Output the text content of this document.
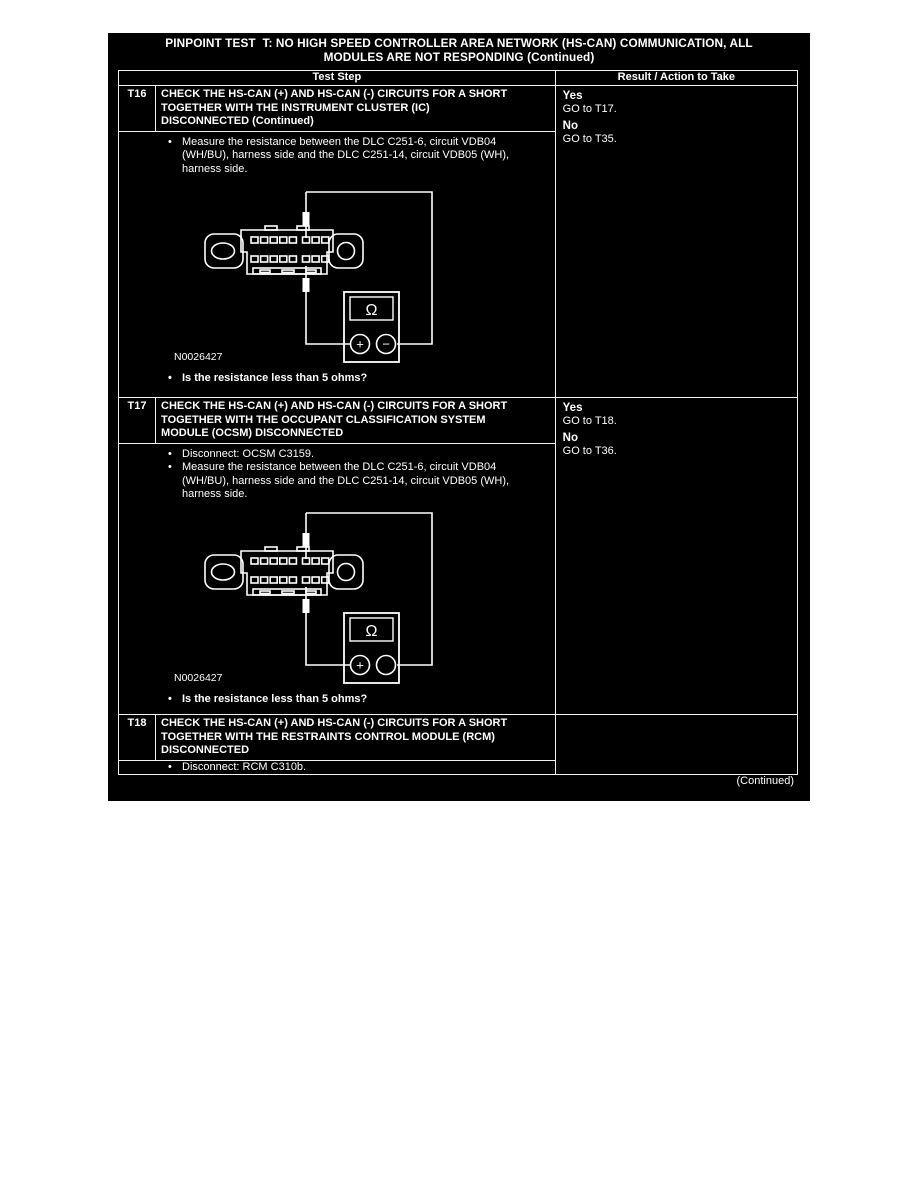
PINPOINT TEST  T: NO HIGH SPEED CONTROLLER AREA NETWORK (HS-CAN) COMMUNICATION, ALL
MODULES ARE NOT RESPONDING (Continued)
Test Step		Result / Action to Take
T16	CHECK THE HS-CAN (+) AND HS-CAN (-) CIRCUITS FOR A SHORT TOGETHER WITH THE INSTRUMENT CLUSTER (IC) DISCONNECTED (Continued)	Yes
GO to T17.
No
GO to T35.

• Measure the resistance between the DLC C251-6, circuit VDB04 (WH/BU), harness side and the DLC C251-14, circuit VDB05 (WH), harness side.
Ω
+ −
N0026427
• Is the resistance less than 5 ohms?

T17	CHECK THE HS-CAN (+) AND HS-CAN (-) CIRCUITS FOR A SHORT TOGETHER WITH THE OCCUPANT CLASSIFICATION SYSTEM MODULE (OCSM) DISCONNECTED	Yes
GO to T18.
No
GO to T36.

• Disconnect: OCSM C3159.
• Measure the resistance between the DLC C251-6, circuit VDB04 (WH/BU), harness side and the DLC C251-14, circuit VDB05 (WH), harness side.
Ω
+
N0026427
• Is the resistance less than 5 ohms?

T18	CHECK THE HS-CAN (+) AND HS-CAN (-) CIRCUITS FOR A SHORT TOGETHER WITH THE RESTRAINTS CONTROL MODULE (RCM) DISCONNECTED	

• Disconnect: RCM C310b.
(Continued)
